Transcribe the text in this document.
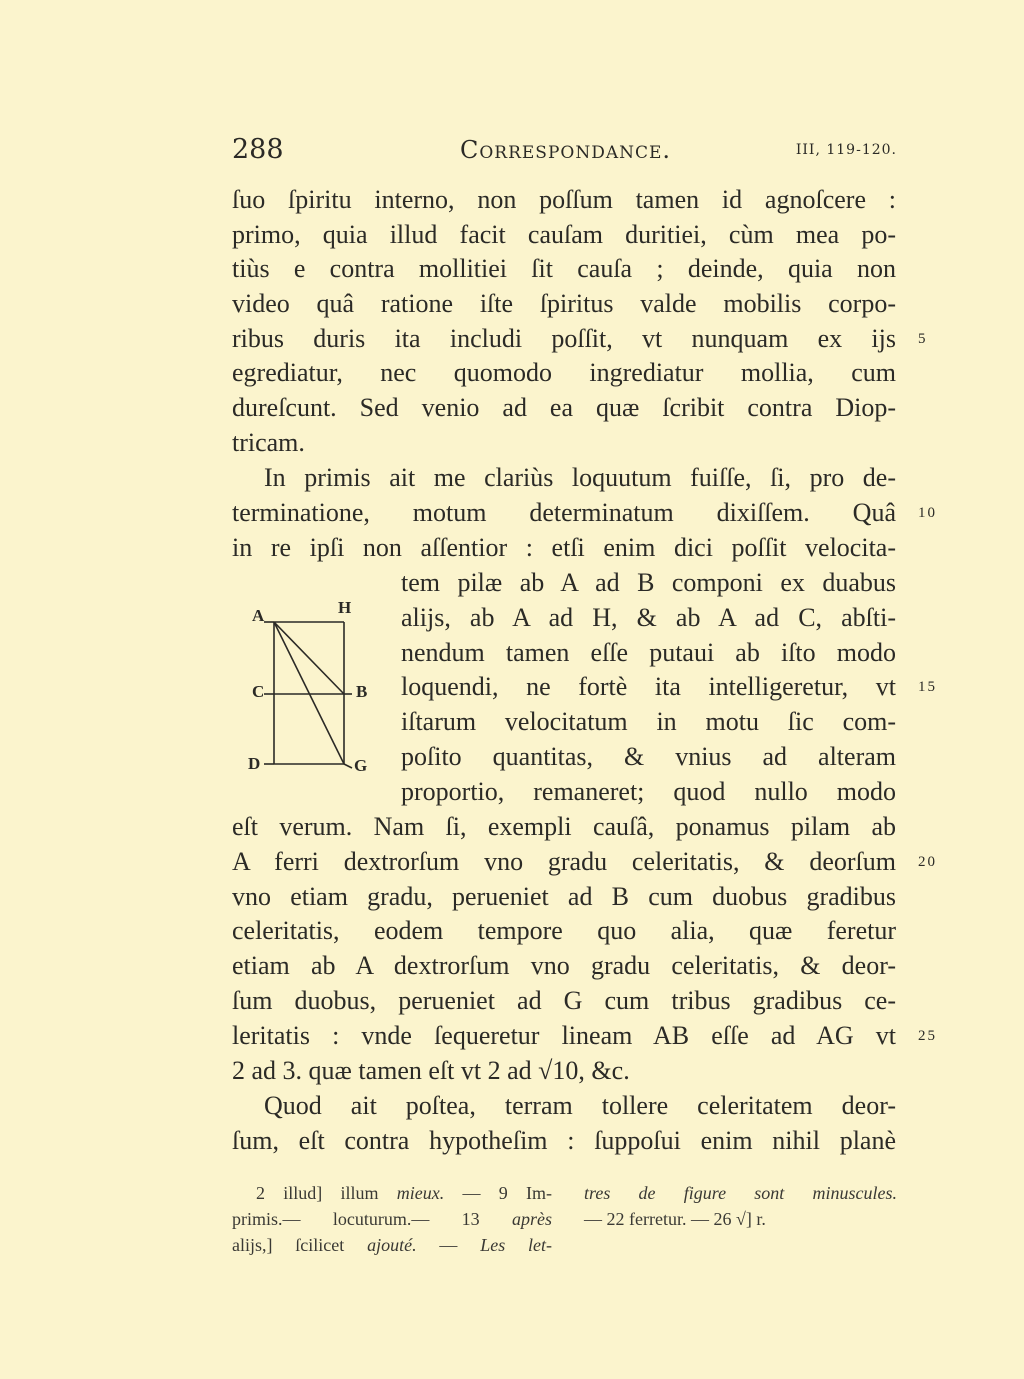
288	Correspondance.	III, 119-120.
ſuo ſpiritu interno, non poſſum tamen id agnoſcere :
primo, quia illud facit cauſam duritiei, cùm mea po-
tiùs e contra mollitiei ſit cauſa ; deinde, quia non
video quâ ratione iſte ſpiritus valde mobilis corpo-
ribus duris ita includi poſſit, vt nunquam ex ijs
egrediatur, nec quomodo ingrediatur mollia, cum
dureſcunt. Sed venio ad ea quæ ſcribit contra Diop-
tricam.
In primis ait me clariùs loquutum fuiſſe, ſi, pro de-
terminatione, motum determinatum dixiſſem. Quâ
in re ipſi non aſſentior : etſi enim dici poſſit velocita-
tem pilæ ab A ad B componi ex duabus
alijs, ab A ad H, & ab A ad C, abſti-
nendum tamen eſſe putaui ab iſto modo
loquendi, ne fortè ita intelligeretur, vt
iſtarum velocitatum in motu ſic com-
poſito quantitas, & vnius ad alteram
proportio, remaneret; quod nullo modo
eſt verum. Nam ſi, exempli cauſâ, ponamus pilam ab
A ferri dextrorſum vno gradu celeritatis, & deorſum
vno etiam gradu, perueniet ad B cum duobus gradibus
celeritatis, eodem tempore quo alia, quæ feretur
etiam ab A dextrorſum vno gradu celeritatis, & deor-
ſum duobus, perueniet ad G cum tribus gradibus ce-
leritatis : vnde ſequeretur lineam AB eſſe ad AG vt
2 ad 3. quæ tamen eſt vt 2 ad √10, &c.
Quod ait poſtea, terram tollere celeritatem deor-
ſum, eſt contra hypotheſim : ſuppoſui enim nihil planè
5
10
15
20
25
A	H
C	B
D	G
2 illud] illum mieux. — 9 Im-
primis.— locuturum.— 13 après
alijs,] ſcilicet ajouté. — Les let-
tres de figure sont minuscules.
— 22 ferretur. — 26 √] r.
